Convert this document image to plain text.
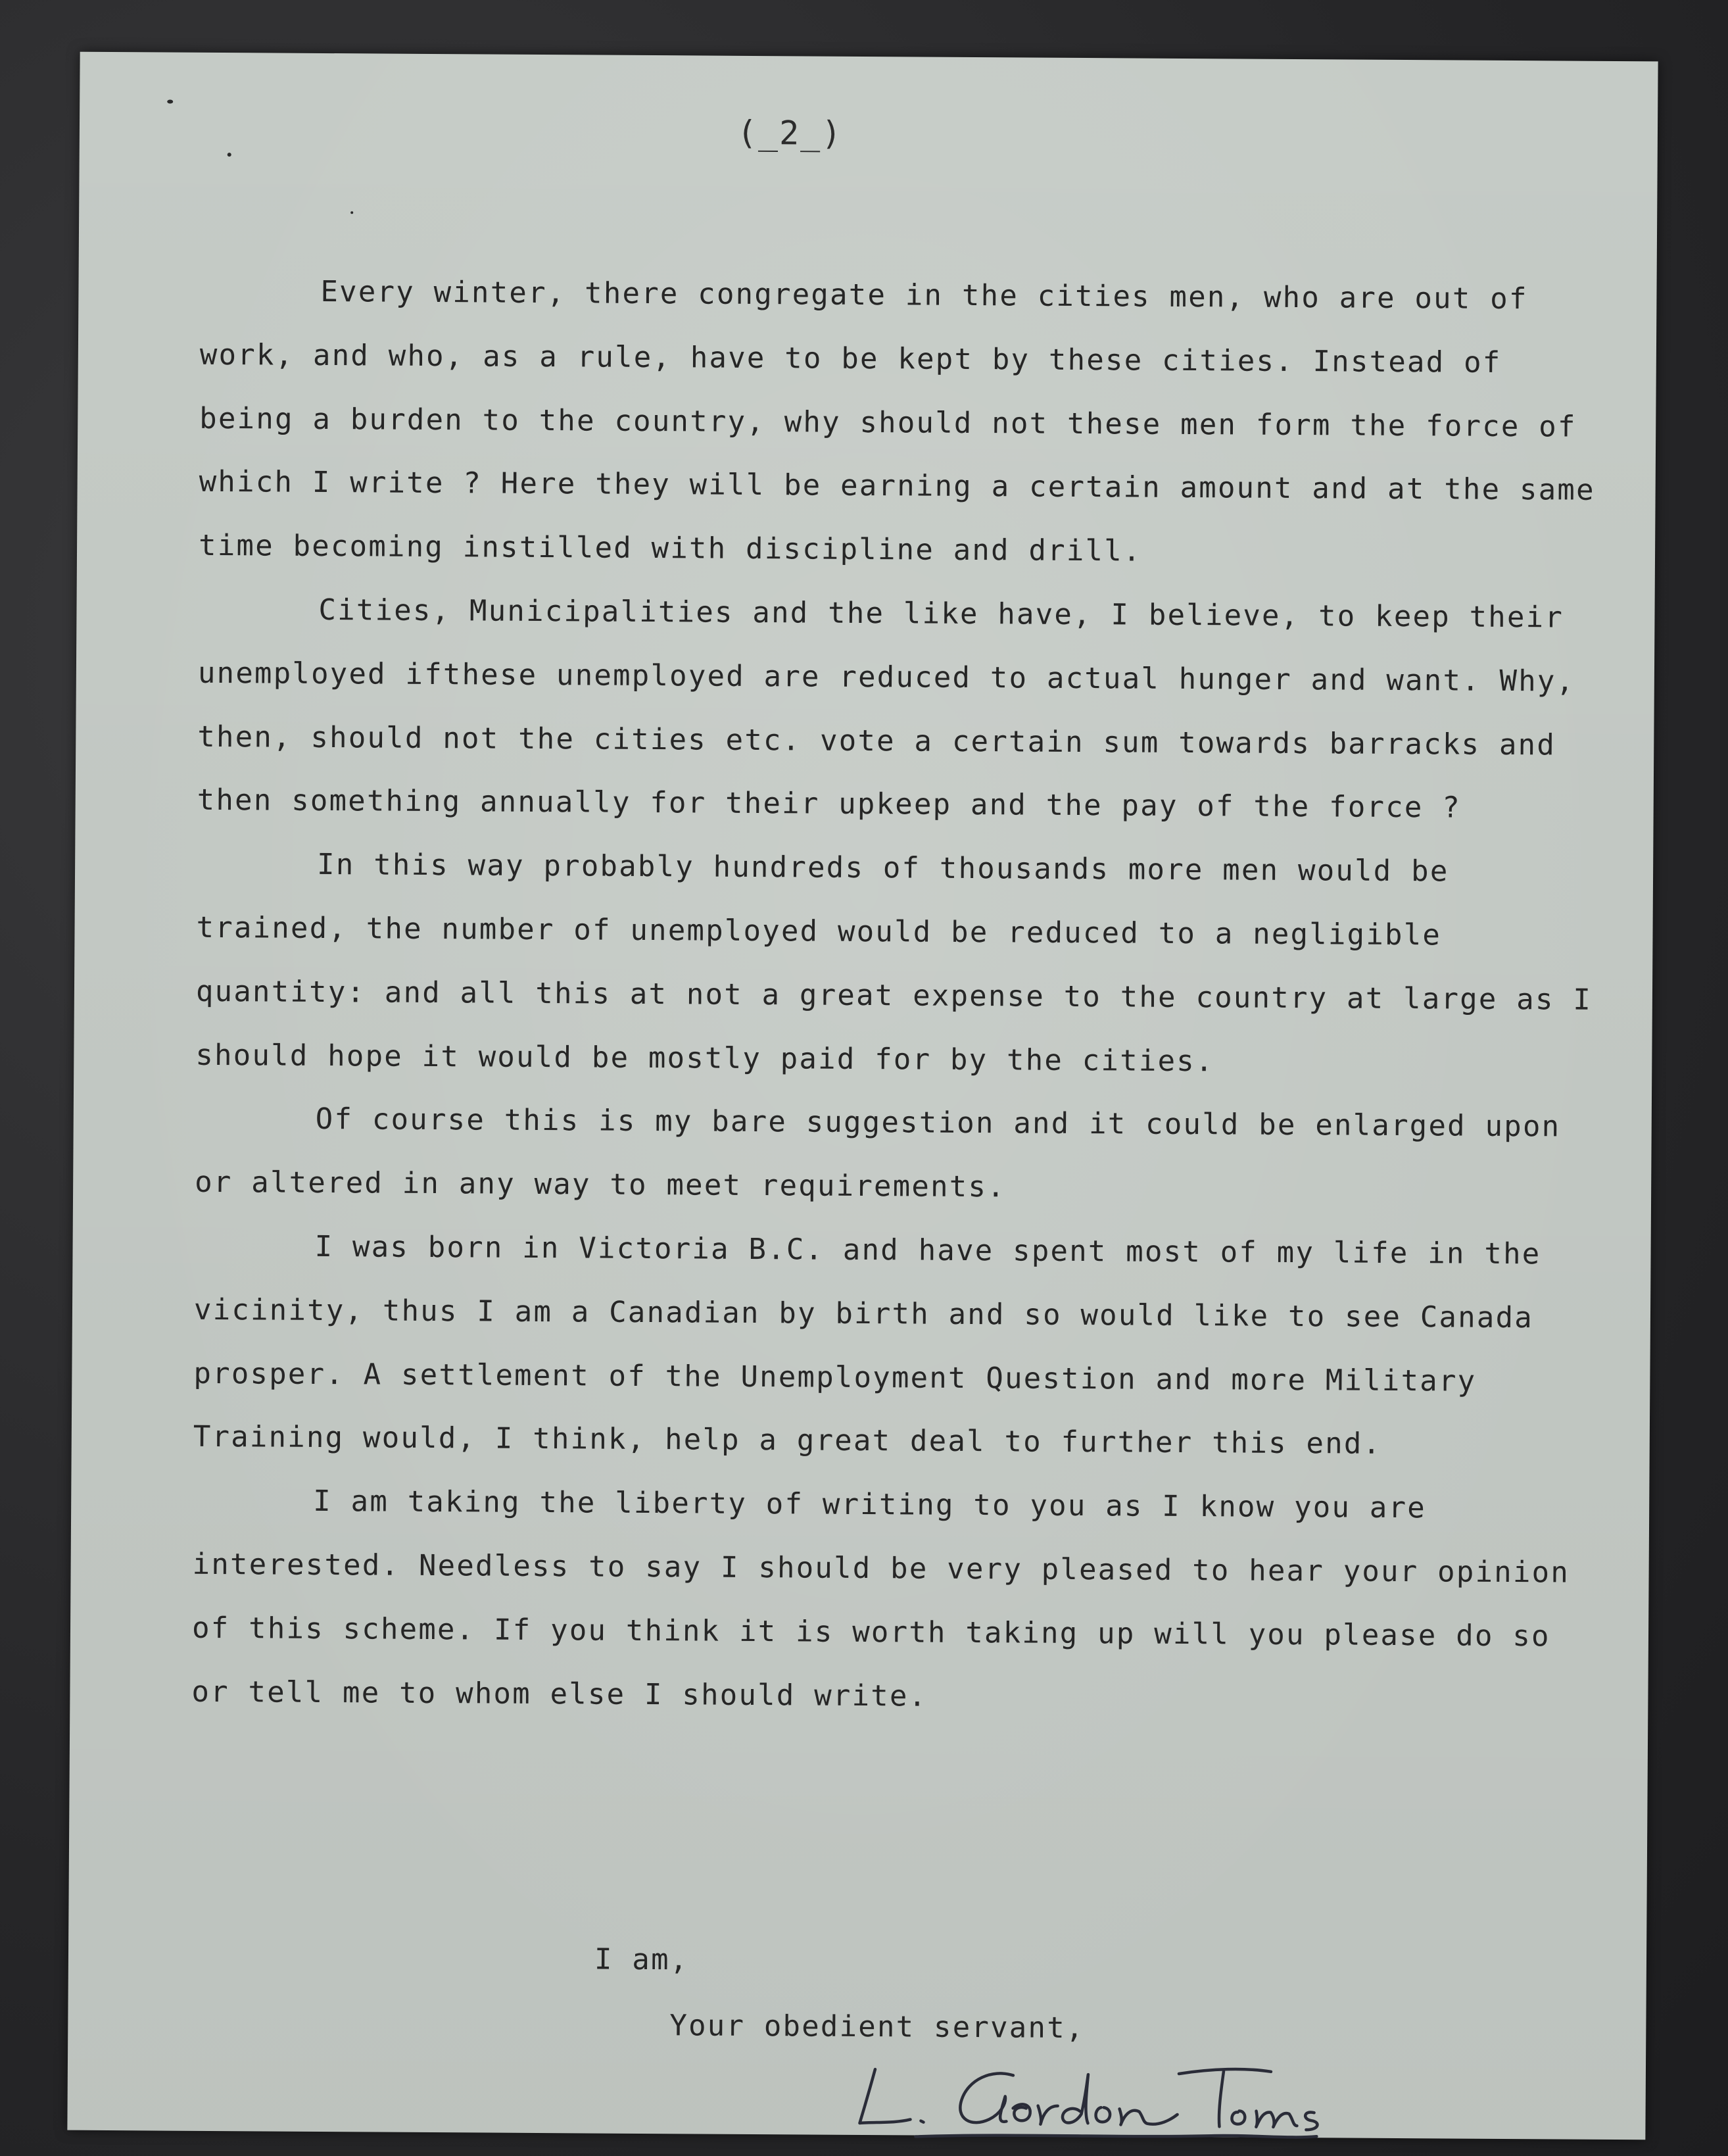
(_2_)

Every winter, there congregate in the cities men, who are out of work, and who, as a rule, have to be kept by these cities. Instead of being a burden to the country, why should not these men form the force of which I write ? Here they will be earning a certain amount and at the same time becoming instilled with discipline and drill.

Cities, Municipalities and the like have, I believe, to keep their unemployed ifthese unemployed are reduced to actual hunger and want. Why, then, should not the cities etc. vote a certain sum towards barracks and then something annually for their upkeep and the pay of the force ?

In this way probably hundreds of thousands more men would be trained, the number of unemployed would be reduced to a negligible quantity: and all this at not a great expense to the country at large as I should hope it would be mostly paid for by the cities.

Of course this is my bare suggestion and it could be enlarged upon or altered in any way to meet requirements.

I was born in Victoria B.C. and have spent most of my life in the vicinity, thus I am a Canadian by birth and so would like to see Canada prosper. A settlement of the Unemployment Question and more Military Training would, I think, help a great deal to further this end.

I am taking the liberty of writing to you as I know you are interested. Needless to say I should be very pleased to hear your opinion of this scheme. If you think it is worth taking up will you please do so or tell me to whom else I should write.

I am,
Your obedient servant,
